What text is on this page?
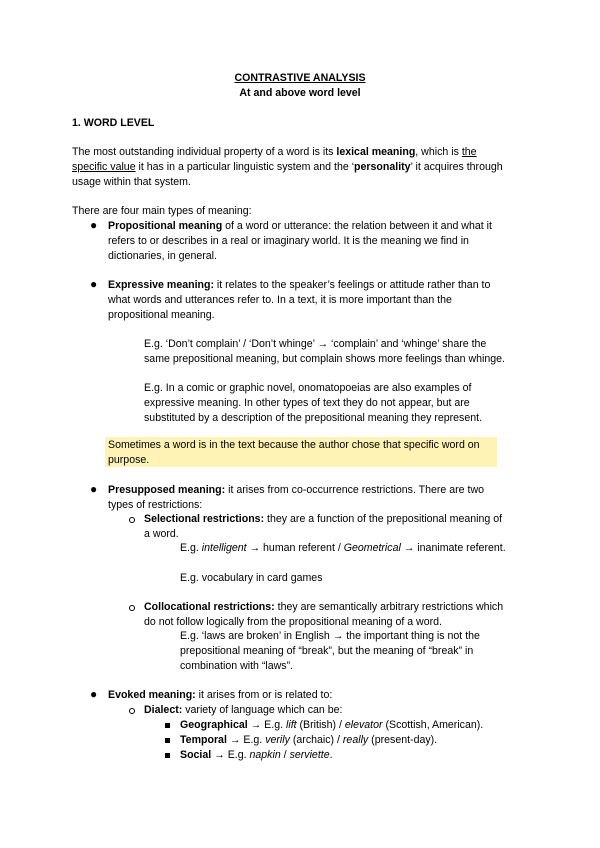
CONTRASTIVE ANALYSIS
At and above word level
1. WORD LEVEL
The most outstanding individual property of a word is its lexical meaning, which is the
specific value it has in a particular linguistic system and the ‘personality’ it acquires through
usage within that system.
There are four main types of meaning:
● Propositional meaning of a word or utterance: the relation between it and what it
refers to or describes in a real or imaginary world. It is the meaning we find in
dictionaries, in general.
● Expressive meaning: it relates to the speaker’s feelings or attitude rather than to
what words and utterances refer to. In a text, it is more important than the
propositional meaning.
E.g. ‘Don’t complain’ / ‘Don’t whinge’ → ‘complain’ and ‘whinge’ share the
same prepositional meaning, but complain shows more feelings than whinge.
E.g. In a comic or graphic novel, onomatopoeias are also examples of
expressive meaning. In other types of text they do not appear, but are
substituted by a description of the prepositional meaning they represent.
Sometimes a word is in the text because the author chose that specific word on
purpose.
● Presupposed meaning: it arises from co-occurrence restrictions. There are two
types of restrictions:
Selectional restrictions: they are a function of the prepositional meaning of
a word.
E.g. intelligent → human referent / Geometrical → inanimate referent.
E.g. vocabulary in card games
Collocational restrictions: they are semantically arbitrary restrictions which
do not follow logically from the propositional meaning of a word.
E.g. ‘laws are broken’ in English → the important thing is not the
prepositional meaning of “break”, but the meaning of “break” in
combination with “laws”.
● Evoked meaning: it arises from or is related to:
Dialect: variety of language which can be:
Geographical → E.g. lift (British) / elevator (Scottish, American).
Temporal → E.g. verily (archaic) / really (present-day).
Social → E.g. napkin / serviette.
